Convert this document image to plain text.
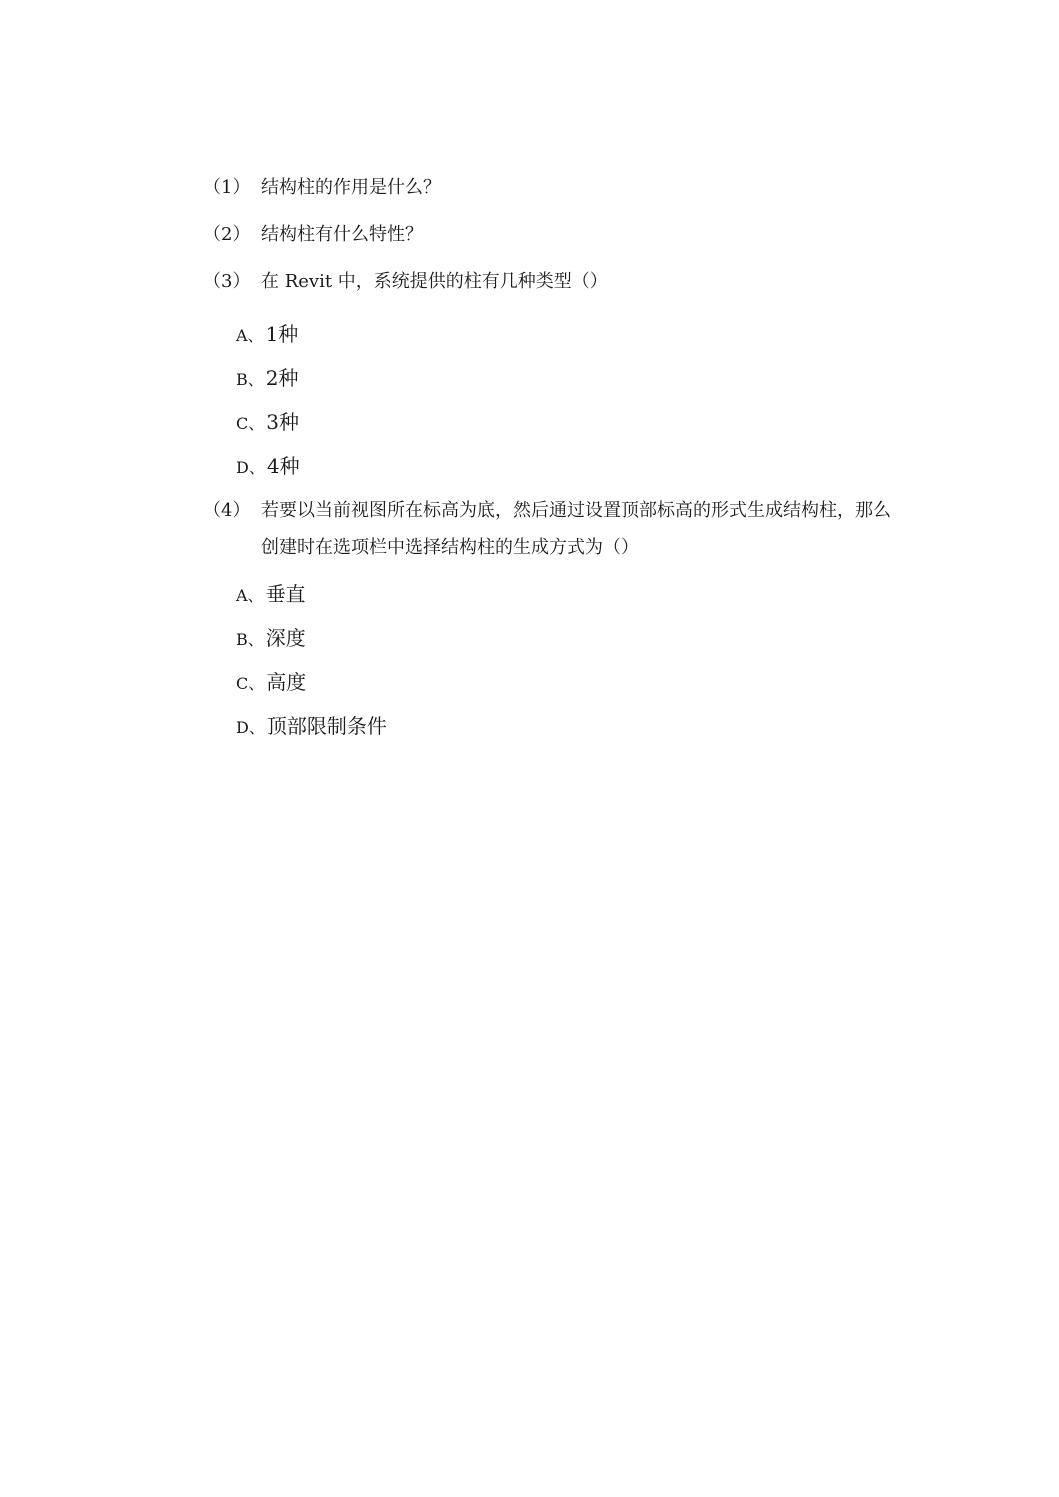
（1） 结构柱的作用是什么？
（2） 结构柱有什么特性？
（3） 在 Revit 中，系统提供的柱有几种类型（）
A、 1种
B、 2种
C、 3种
D、 4种
（4） 若要以当前视图所在标高为底，然后通过设置顶部标高的形式生成结构柱，那么创建时在选项栏中选择结构柱的生成方式为（）
A、 垂直
B、 深度
C、 高度
D、 顶部限制条件
